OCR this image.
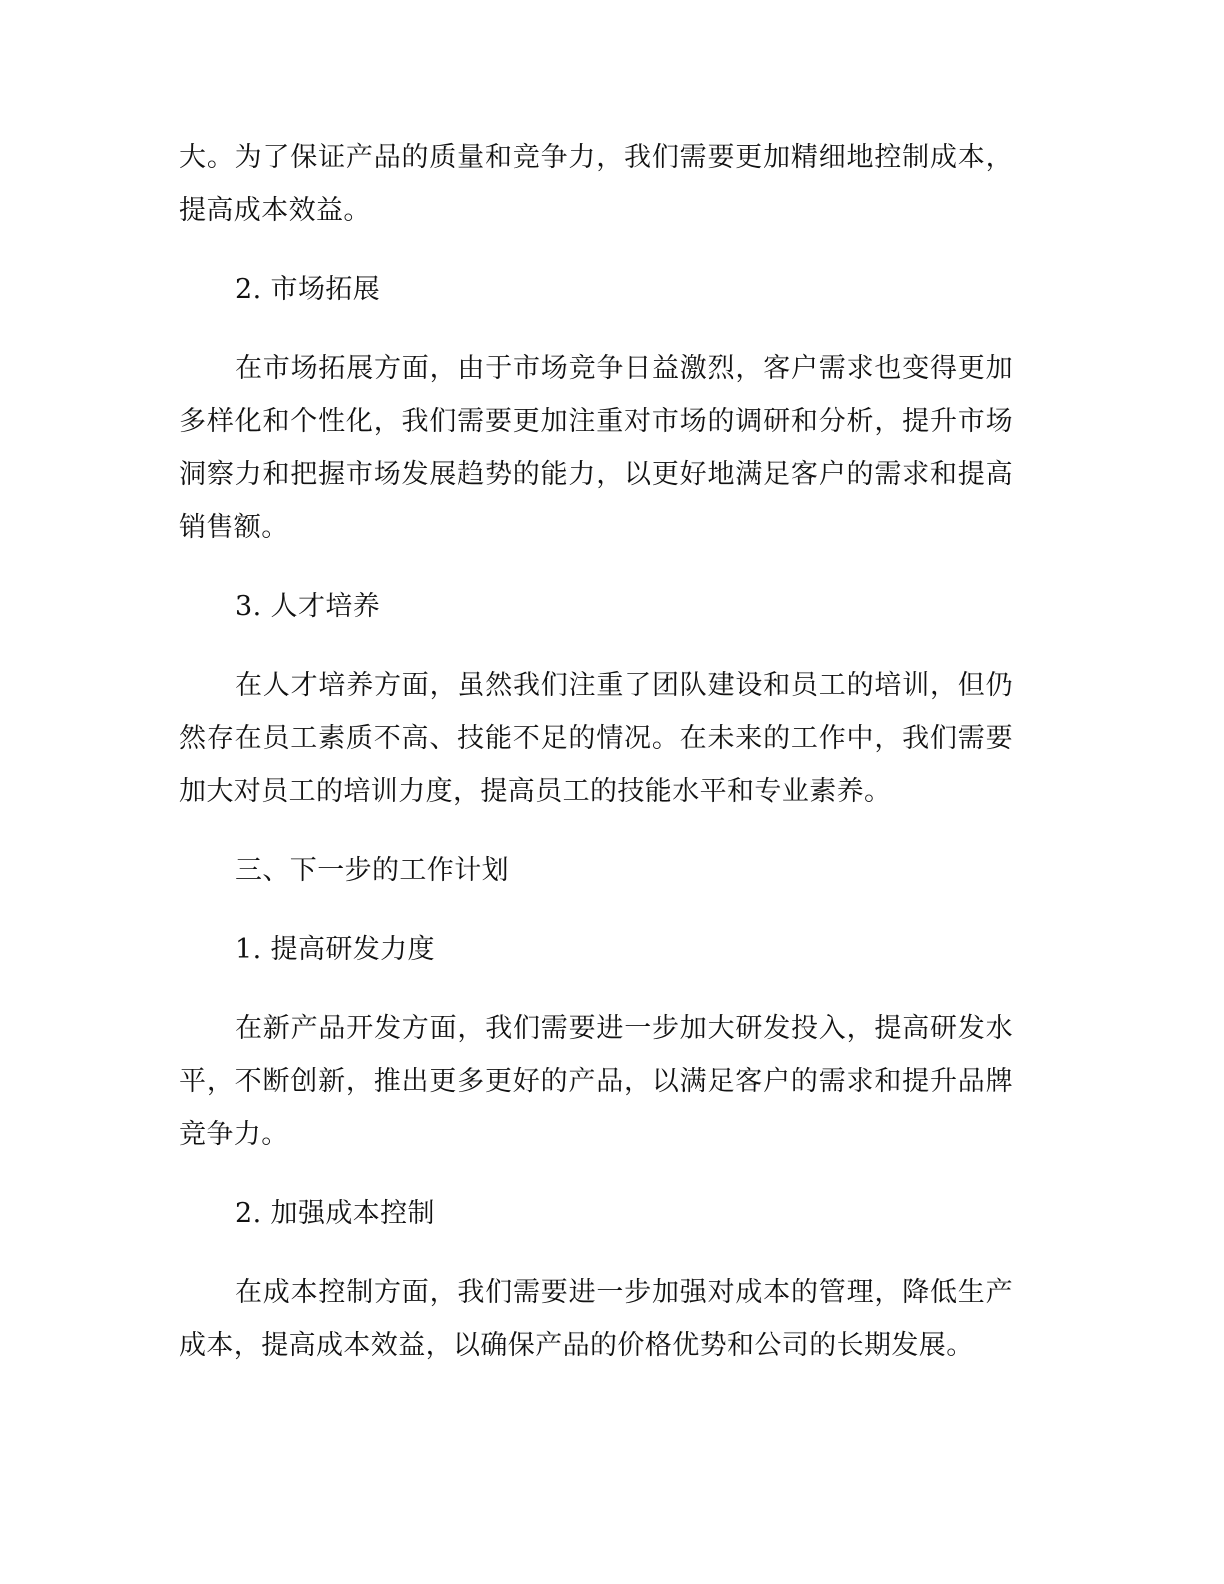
大。为了保证产品的质量和竞争力，我们需要更加精细地控制成本，提高成本效益。

2. 市场拓展

在市场拓展方面，由于市场竞争日益激烈，客户需求也变得更加多样化和个性化，我们需要更加注重对市场的调研和分析，提升市场洞察力和把握市场发展趋势的能力，以更好地满足客户的需求和提高销售额。

3. 人才培养

在人才培养方面，虽然我们注重了团队建设和员工的培训，但仍然存在员工素质不高、技能不足的情况。在未来的工作中，我们需要加大对员工的培训力度，提高员工的技能水平和专业素养。

三、下一步的工作计划
1. 提高研发力度

在新产品开发方面，我们需要进一步加大研发投入，提高研发水平，不断创新，推出更多更好的产品，以满足客户的需求和提升品牌竞争力。

2. 加强成本控制

在成本控制方面，我们需要进一步加强对成本的管理，降低生产成本，提高成本效益，以确保产品的价格优势和公司的长期发展。
